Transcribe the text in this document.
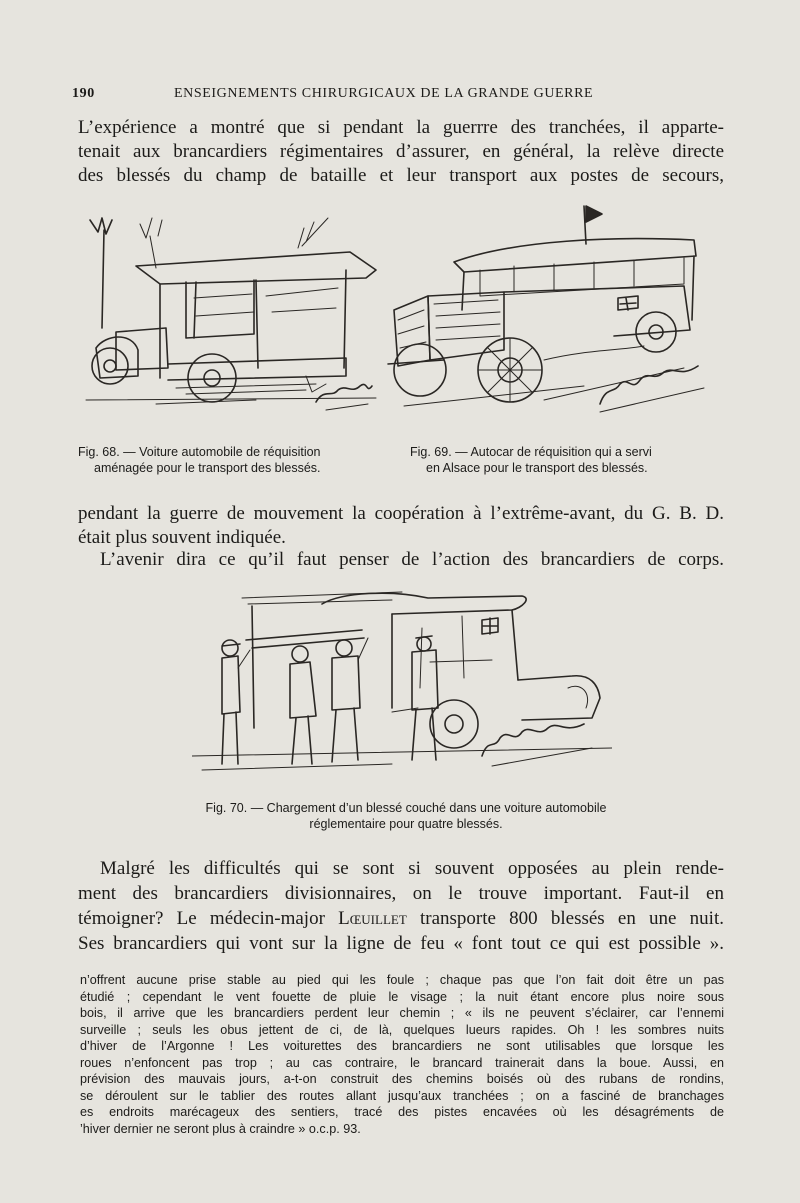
190	ENSEIGNEMENTS CHIRURGICAUX DE LA GRANDE GUERRE
L’expérience a montré que si pendant la guerrre des tranchées, il apparte-
tenait aux brancardiers régimentaires d’assurer, en général, la relève directe
des blessés du champ de bataille et leur transport aux postes de secours,
Fig. 68. — Voiture automobile de réquisition
aménagée pour le transport des blessés.
Fig. 69. — Autocar de réquisition qui a servi
en Alsace pour le transport des blessés.
pendant la guerre de mouvement la coopération à l’extrême-avant, du G. B. D.
était plus souvent indiquée.
L’avenir dira ce qu’il faut penser de l’action des brancardiers de corps.
Fig. 70. — Chargement d’un blessé couché dans une voiture automobile
réglementaire pour quatre blessés.
Malgré les difficultés qui se sont si souvent opposées au plein rende-
ment des brancardiers divisionnaires, on le trouve important. Faut-il en
témoigner? Le médecin-major Lœuillet transporte 800 blessés en une nuit.
Ses brancardiers qui vont sur la ligne de feu « font tout ce qui est possible ».
n’offrent aucune prise stable au pied qui les foule ; chaque pas que l’on fait doit être un pas
étudié ; cependant le vent fouette de pluie le visage ; la nuit étant encore plus noire sous
bois, il arrive que les brancardiers perdent leur chemin ; « ils ne peuvent s’éclairer, car l’ennemi
surveille ; seuls les obus jettent de ci, de là, quelques lueurs rapides. Oh ! les sombres nuits
d’hiver de l’Argonne ! Les voiturettes des brancardiers ne sont utilisables que lorsque les
roues n’enfoncent pas trop ; au cas contraire, le brancard trainerait dans la boue. Aussi, en
prévision des mauvais jours, a-t-on construit des chemins boisés où des rubans de rondins,
se déroulent sur le tablier des routes allant jusqu’aux tranchées ; on a fasciné de branchages
es endroits marécageux des sentiers, tracé des pistes encavées où les désagréments de
’hiver dernier ne seront plus à craindre » o.c.p. 93.
